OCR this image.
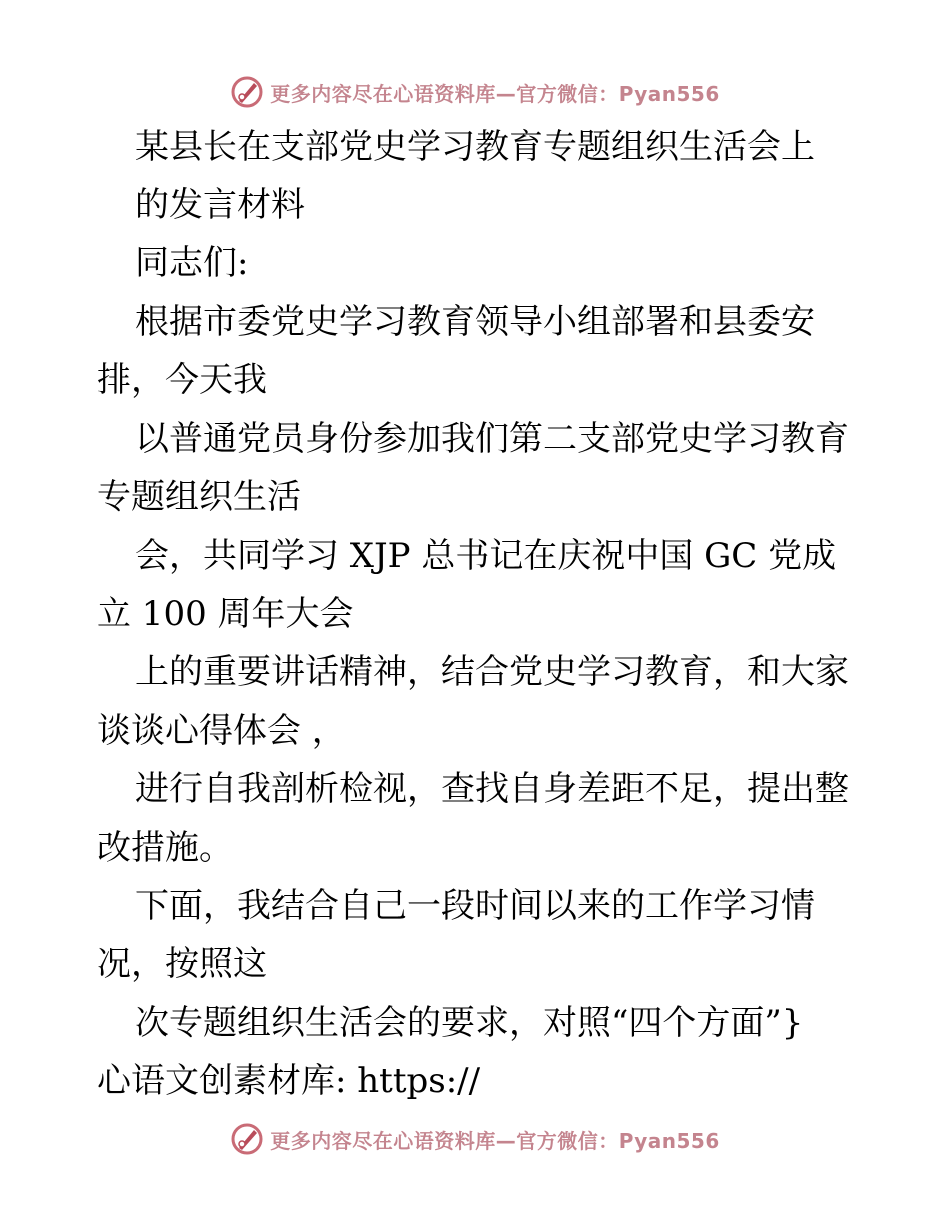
更多内容尽在心语资料库—官方微信：Pyan556
某县长在支部党史学习教育专题组织生活会上
的发言材料
同志们:
根据市委党史学习教育领导小组部署和县委安
排，今天我
以普通党员身份参加我们第二支部党史学习教育
专题组织生活
会，共同学习 XJP 总书记在庆祝中国 GC 党成
立 100 周年大会
上的重要讲话精神，结合党史学习教育，和大家
谈谈心得体会 ，
进行自我剖析检视，查找自身差距不足，提出整
改措施。
下面，我结合自己一段时间以来的工作学习情
况，按照这
次专题组织生活会的要求，对照“四个方面”}
心语文创素材库: https://
更多内容尽在心语资料库—官方微信：Pyan556
